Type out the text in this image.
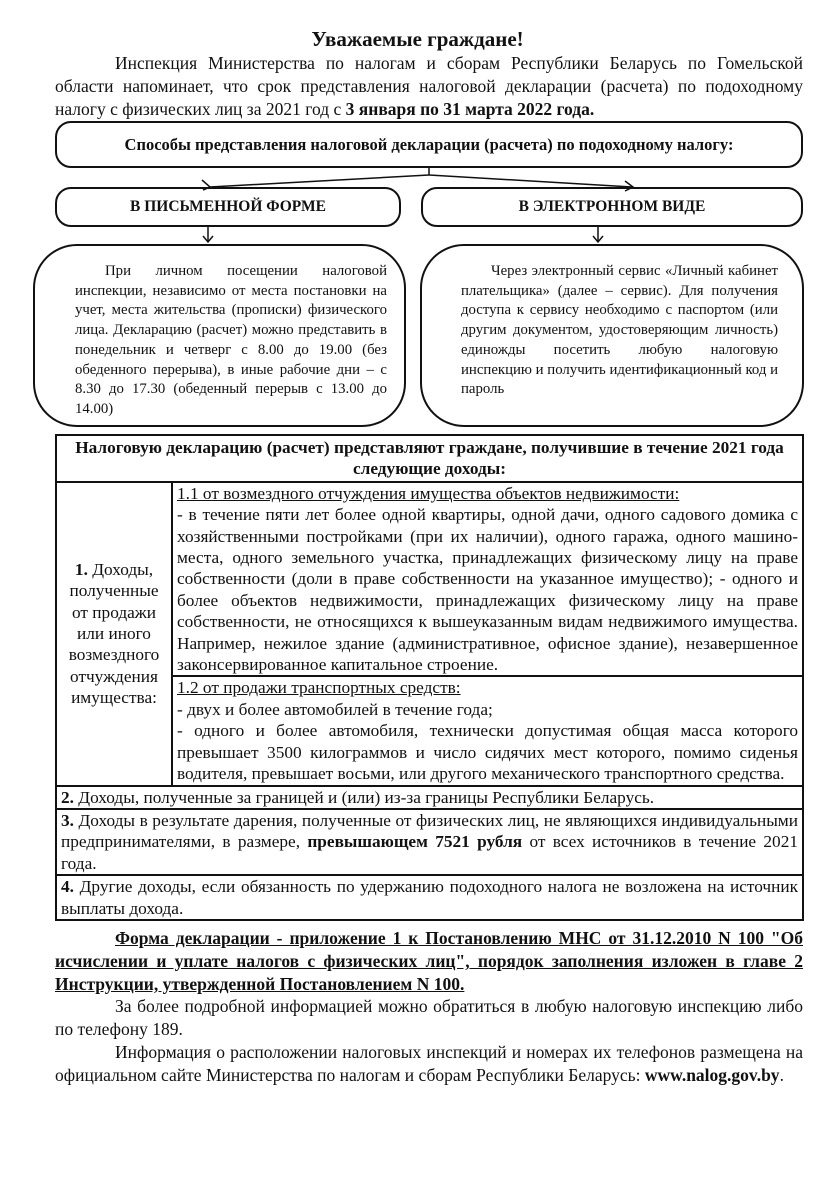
Уважаемые граждане!
Инспекция Министерства по налогам и сборам Республики Беларусь по Гомельской области напоминает, что срок представления налоговой декларации (расчета) по подоходному налогу с физических лиц за 2021 год с 3 января по 31 марта 2022 года.
Способы представления налоговой декларации (расчета) по подоходному налогу:
В ПИСЬМЕННОЙ ФОРМЕ	В ЭЛЕКТРОННОМ ВИДЕ
При личном посещении налоговой инспекции, независимо от места постановки на учет, места жительства (прописки) физического лица. Декларацию (расчет) можно представить в понедельник и четверг с 8.00 до 19.00 (без обеденного перерыва), в иные рабочие дни – с 8.30 до 17.30 (обеденный перерыв с 13.00 до 14.00)
Через электронный сервис «Личный кабинет плательщика» (далее – сервис). Для получения доступа к сервису необходимо с паспортом (или другим документом, удостоверяющим личность) единожды посетить любую налоговую инспекцию и получить идентификационный код и пароль
Налоговую декларацию (расчет) представляют граждане, получившие в течение 2021 года следующие доходы:
1. Доходы, полученные от продажи или иного возмездного отчуждения имущества:	
1.1 от возмездного отчуждения имущества объектов недвижимости:
- в течение пяти лет более одной квартиры, одной дачи, одного садового домика с хозяйственными постройками (при их наличии), одного гаража, одного машино-места, одного земельного участка, принадлежащих физическому лицу на праве собственности (доли в праве собственности на указанное имущество); - одного и более объектов недвижимости, принадлежащих физическому лицу на праве собственности, не относящихся к вышеуказанным видам недвижимого имущества. Например, нежилое здание (административное, офисное здание), незавершенное законсервированное капитальное строение.

1.2 от продажи транспортных средств:
- двух и более автомобилей в течение года;
- одного и более автомобиля, технически допустимая общая масса которого превышает 3500 килограммов и число сидячих мест которого, помимо сиденья водителя, превышает восьми, или другого механического транспортного средства.

2. Доходы, полученные за границей и (или) из-за границы Республики Беларусь.
3. Доходы в результате дарения, полученные от физических лиц, не являющихся индивидуальными предпринимателями, в размере, превышающем 7521 рубля от всех источников в течение 2021 года.
4. Другие доходы, если обязанность по удержанию подоходного налога не возложена на источник выплаты дохода.
Форма декларации - приложение 1 к Постановлению МНС от 31.12.2010 N 100 "Об исчислении и уплате налогов с физических лиц", порядок заполнения изложен в главе 2 Инструкции, утвержденной Постановлением N 100.
За более подробной информацией можно обратиться в любую налоговую инспекцию либо по телефону 189.
Информация о расположении налоговых инспекций и номерах их телефонов размещена на официальном сайте Министерства по налогам и сборам Республики Беларусь: www.nalog.gov.by.
